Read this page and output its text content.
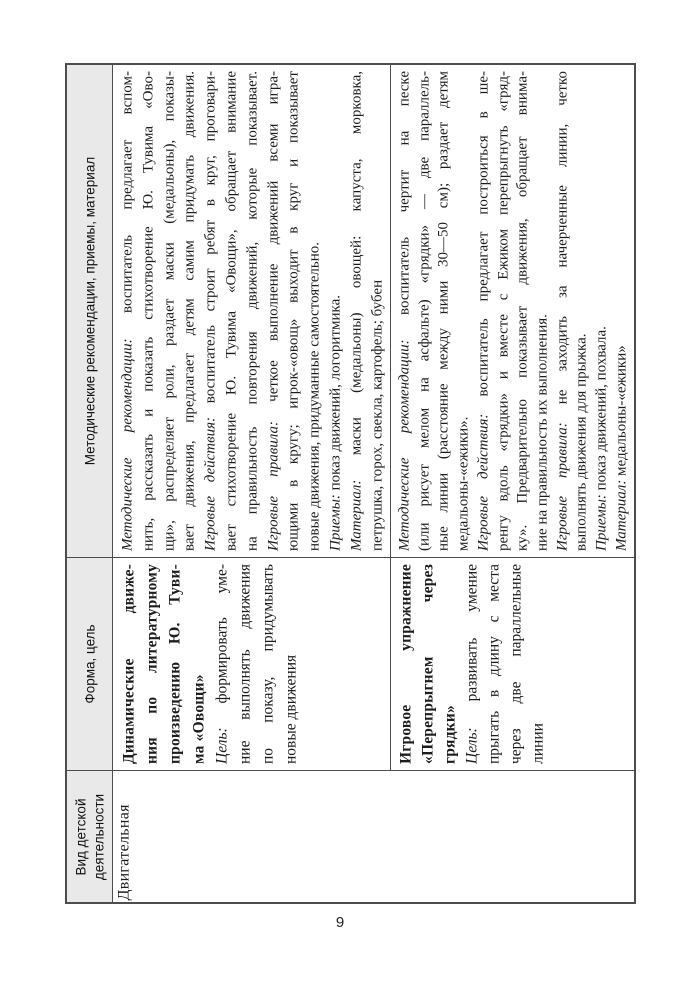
Методические рекомендации, приемы, материал
Форма, цель
Вид детской деятельности
Методические рекомендации: воспитатель предлагает вспом- нить, рассказать и показать стихотворение Ю. Тувима «Ово- щи», распределяет роли, раздает маски (медальоны), показы- вает движения, предлагает детям самим придумать движения. Игровые действия: воспитатель строит ребят в круг, проговари- вает стихотворение Ю. Тувима «Овощи», обращает внимание на правильность повторения движений, которые показывает. Игровые правила: четкое выполнение движений всеми игра- ющими в кругу; игрок-«овощ» выходит в круг и показывает новые движения, придуманные самостоятельно. Приемы: показ движений, логоритмика.
Материал: маски (медальоны) овощей: капуста, морковка, петрушка, горох, свекла, картофель; бубен Методические рекомендации: воспитатель чертит на песке (или рисует мелом на асфальте) «грядки» — две параллель- ные линии (расстояние между ними 30—50 см); раздает детям медальоны-«ежики». Игровые действия: воспитатель предлагает построиться в ше- ренгу вдоль «грядки» и вместе с Ежиком перепрыгнуть «гряд- ку». Предварительно показывает движения, обращает внима- ние на правильность их выполнения. Игровые правила: не заходить за начерченные линии, четко
выполнять движения для прыжка. Приемы: показ движений, похвала.
Материал: медальоны-«ежики»
Динамические движе- ния по литературному произведению Ю. Туви- ма «Овощи» Цель: формировать уме- ние выполнять движения по показу, придумывать новые движения	Игровое упражнение «Перепрыгнем через грядки» Цель: развивать умение прыгать в длину с места через две параллельные линии
Двигательная
9
